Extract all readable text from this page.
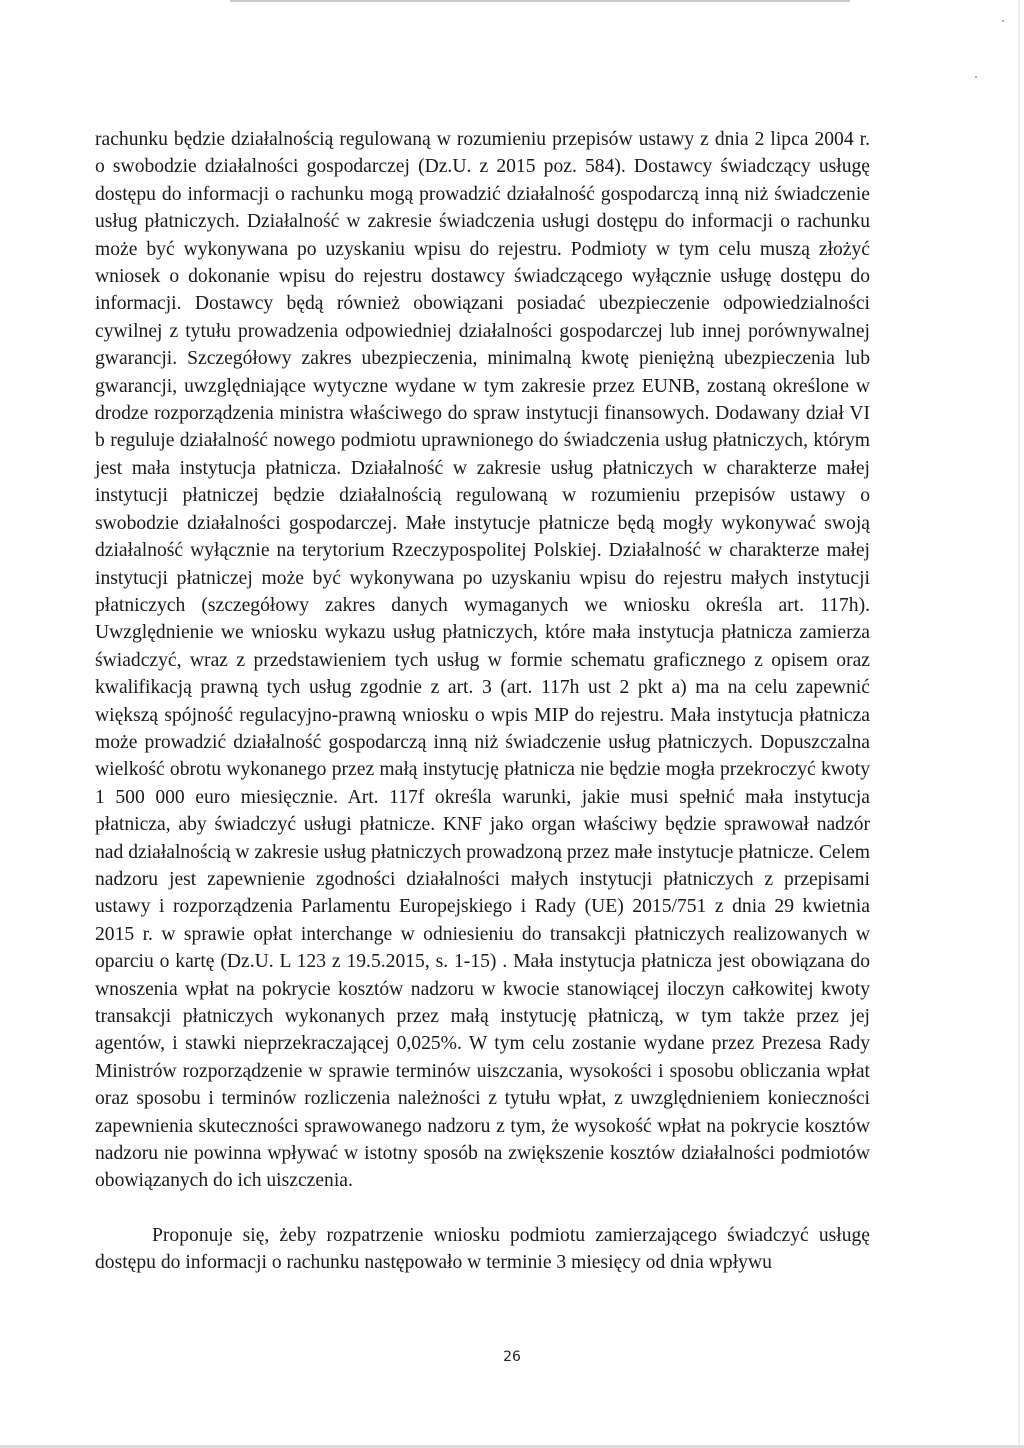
rachunku będzie działalnością regulowaną w rozumieniu przepisów ustawy z dnia 2 lipca 2004 r. o swobodzie działalności gospodarczej (Dz.U. z 2015 poz. 584). Dostawcy świadczący usługę dostępu do informacji o rachunku mogą prowadzić działalność gospodarczą inną niż świadczenie usług płatniczych. Działalność w zakresie świadczenia usługi dostępu do informacji o rachunku może być wykonywana po uzyskaniu wpisu do rejestru. Podmioty w tym celu muszą złożyć wniosek o dokonanie wpisu do rejestru dostawcy świadczącego wyłącznie usługę dostępu do informacji. Dostawcy będą również obowiązani posiadać ubezpieczenie odpowiedzialności cywilnej z tytułu prowadzenia odpowiedniej działalności gospodarczej lub innej porównywalnej gwarancji. Szczegółowy zakres ubezpieczenia, minimalną kwotę pieniężną ubezpieczenia lub gwarancji, uwzględniające wytyczne wydane w tym zakresie przez EUNB, zostaną określone w drodze rozporządzenia ministra właściwego do spraw instytucji finansowych. Dodawany dział VI b reguluje działalność nowego podmiotu uprawnionego do świadczenia usług płatniczych, którym jest mała instytucja płatnicza. Działalność w zakresie usług płatniczych w charakterze małej instytucji płatniczej będzie działalnością regulowaną w rozumieniu przepisów ustawy o swobodzie działalności gospodarczej. Małe instytucje płatnicze będą mogły wykonywać swoją działalność wyłącznie na terytorium Rzeczypospolitej Polskiej. Działalność w charakterze małej instytucji płatniczej może być wykonywana po uzyskaniu wpisu do rejestru małych instytucji płatniczych (szczegółowy zakres danych wymaganych we wniosku określa art. 117h). Uwzględnienie we wniosku wykazu usług płatniczych, które mała instytucja płatnicza zamierza świadczyć, wraz z przedstawieniem tych usług w formie schematu graficznego z opisem oraz kwalifikacją prawną tych usług zgodnie z art. 3 (art. 117h ust 2 pkt a) ma na celu zapewnić większą spójność regulacyjno-prawną wniosku o wpis MIP do rejestru. Mała instytucja płatnicza może prowadzić działalność gospodarczą inną niż świadczenie usług płatniczych. Dopuszczalna wielkość obrotu wykonanego przez małą instytucję płatnicza nie będzie mogła przekroczyć kwoty 1 500 000 euro miesięcznie. Art. 117f określa warunki, jakie musi spełnić mała instytucja płatnicza, aby świadczyć usługi płatnicze. KNF jako organ właściwy będzie sprawował nadzór nad działalnością w zakresie usług płatniczych prowadzoną przez małe instytucje płatnicze. Celem nadzoru jest zapewnienie zgodności działalności małych instytucji płatniczych z przepisami ustawy i rozporządzenia Parlamentu Europejskiego i Rady (UE) 2015/751 z dnia 29 kwietnia 2015 r. w sprawie opłat interchange w odniesieniu do transakcji płatniczych realizowanych w oparciu o kartę (Dz.U. L 123 z 19.5.2015, s. 1-15) . Mała instytucja płatnicza jest obowiązana do wnoszenia wpłat na pokrycie kosztów nadzoru w kwocie stanowiącej iloczyn całkowitej kwoty transakcji płatniczych wykonanych przez małą instytucję płatniczą, w tym także przez jej agentów, i stawki nieprzekraczającej 0,025%. W tym celu zostanie wydane przez Prezesa Rady Ministrów rozporządzenie w sprawie terminów uiszczania, wysokości i sposobu obliczania wpłat oraz sposobu i terminów rozliczenia należności z tytułu wpłat, z uwzględnieniem konieczności zapewnienia skuteczności sprawowanego nadzoru z tym, że wysokość wpłat na pokrycie kosztów nadzoru nie powinna wpływać w istotny sposób na zwiększenie kosztów działalności podmiotów obowiązanych do ich uiszczenia.

Proponuje się, żeby rozpatrzenie wniosku podmiotu zamierzającego świadczyć usługę dostępu do informacji o rachunku następowało w terminie 3 miesięcy od dnia wpływu

26
